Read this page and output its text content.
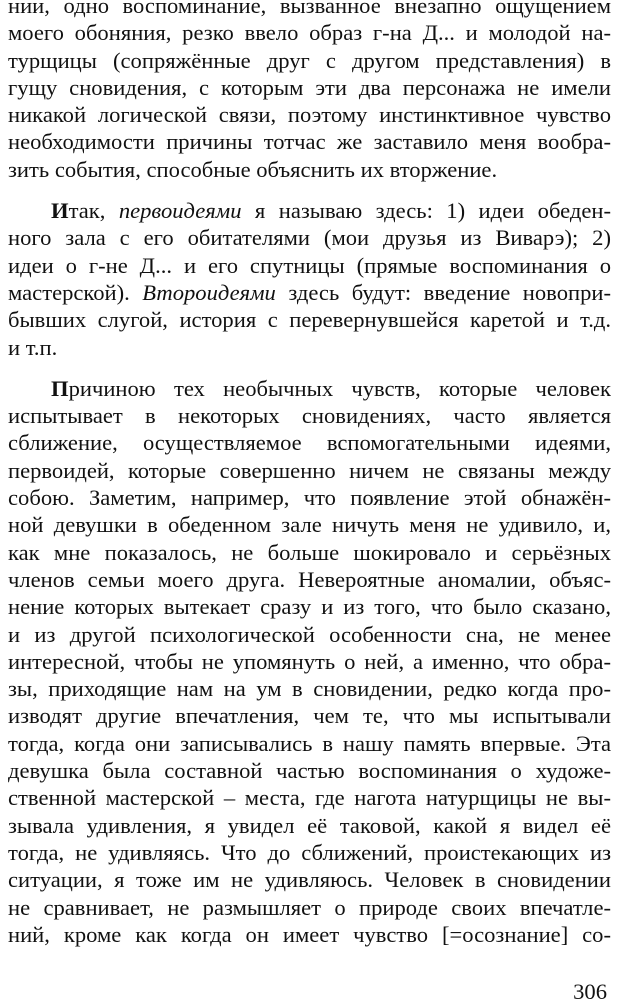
нии, одно воспоминание, вызванное внезапно ощущением
моего обоняния, резко ввело образ г-на Д... и молодой на-
турщицы (сопряжённые друг с другом представления) в
гущу сновидения, с которым эти два персонажа не имели
никакой логической связи, поэтому инстинктивное чувство
необходимости причины тотчас же заставило меня вообра-
зить события, способные объяснить их вторжение.
Итак, первоидеями я называю здесь: 1) идеи обеден-
ного зала с его обитателями (мои друзья из Виварэ); 2)
идеи о г-не Д... и его спутницы (прямые воспоминания о
мастерской). Второидеями здесь будут: введение новопри-
бывших слугой, история с перевернувшейся каретой и т.д.
и т.п.
Причиною тех необычных чувств, которые человек
испытывает в некоторых сновидениях, часто является
сближение, осуществляемое вспомогательными идеями,
первоидей, которые совершенно ничем не связаны между
собою. Заметим, например, что появление этой обнажён-
ной девушки в обеденном зале ничуть меня не удивило, и,
как мне показалось, не больше шокировало и серьёзных
членов семьи моего друга. Невероятные аномалии, объяс-
нение которых вытекает сразу и из того, что было сказано,
и из другой психологической особенности сна, не менее
интересной, чтобы не упомянуть о ней, а именно, что обра-
зы, приходящие нам на ум в сновидении, редко когда про-
изводят другие впечатления, чем те, что мы испытывали
тогда, когда они записывались в нашу память впервые. Эта
девушка была составной частью воспоминания о художе-
ственной мастерской – места, где нагота натурщицы не вы-
зывала удивления, я увидел её таковой, какой я видел её
тогда, не удивляясь. Что до сближений, проистекающих из
ситуации, я тоже им не удивляюсь. Человек в сновидении
не сравнивает, не размышляет о природе своих впечатле-
ний, кроме как когда он имеет чувство [=осознание] со-
306
